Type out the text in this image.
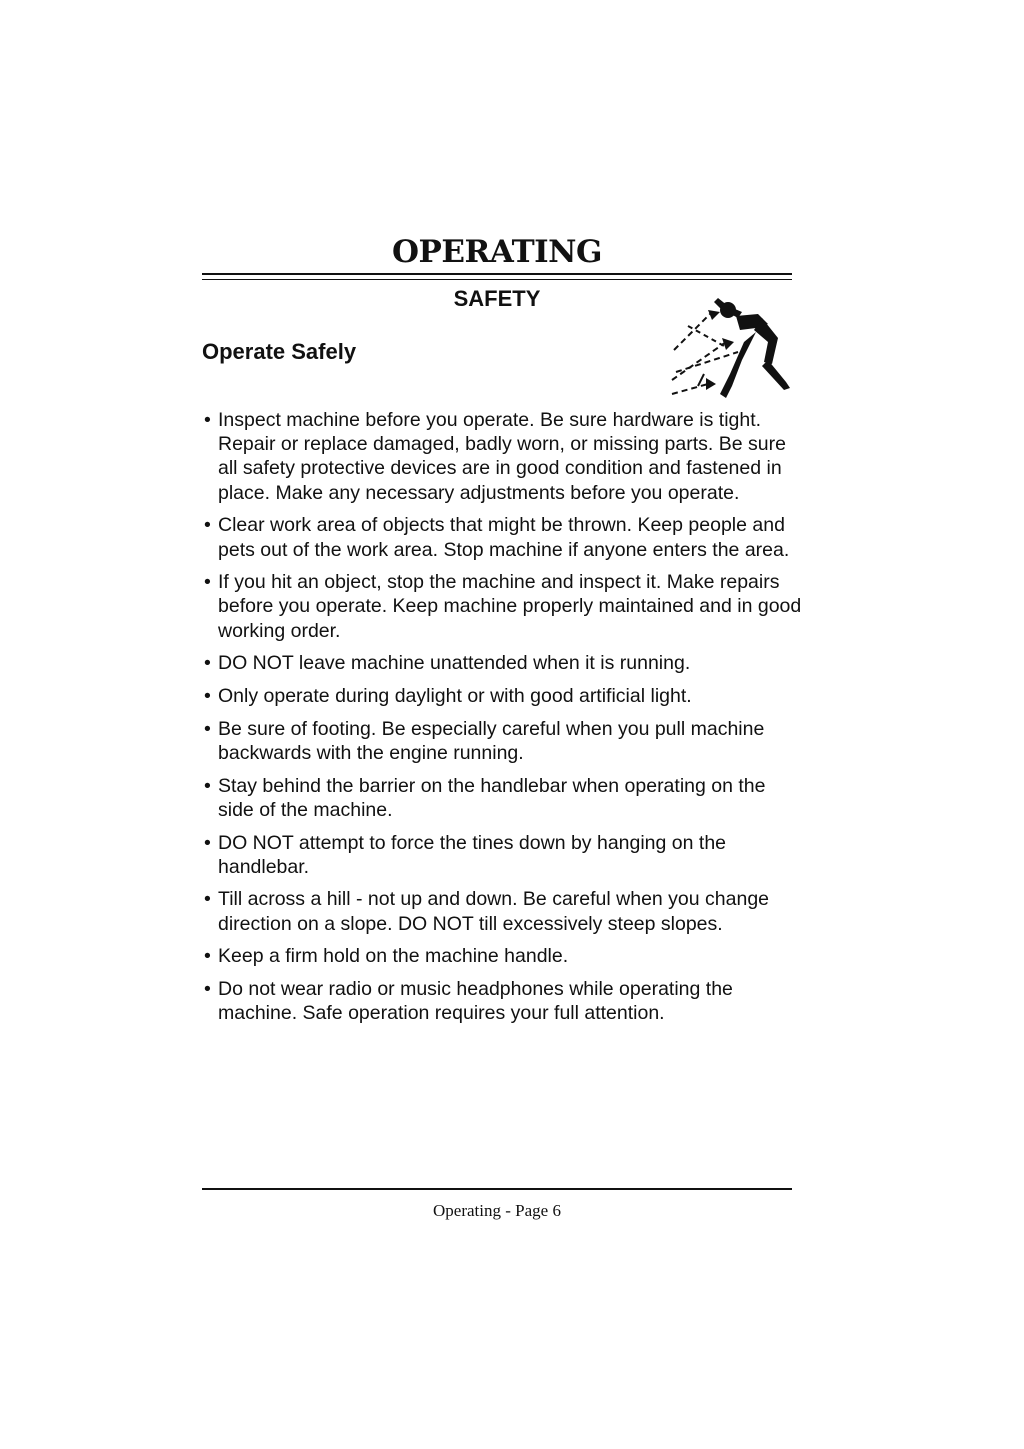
OPERATING
SAFETY
Operate Safely
• Inspect machine before you operate. Be sure hardware is tight. Repair or replace damaged, badly worn, or missing parts. Be sure all safety protective devices are in good condition and fastened in place. Make any necessary adjustments before you operate.
• Clear work area of objects that might be thrown. Keep people and pets out of the work area. Stop machine if anyone enters the area.
• If you hit an object, stop the machine and inspect it. Make repairs before you operate. Keep machine properly maintained and in good working order.
• DO NOT leave machine unattended when it is running.
• Only operate during daylight or with good artificial light.
• Be sure of footing. Be especially careful when you pull machine backwards with the engine running.
• Stay behind the barrier on the handlebar when operating on the side of the machine.
• DO NOT attempt to force the tines down by hanging on the handlebar.
• Till across a hill - not up and down. Be careful when you change direction on a slope. DO NOT till excessively steep slopes.
• Keep a firm hold on the machine handle.
• Do not wear radio or music headphones while operating the machine. Safe operation requires your full attention.

Operating - Page 6
